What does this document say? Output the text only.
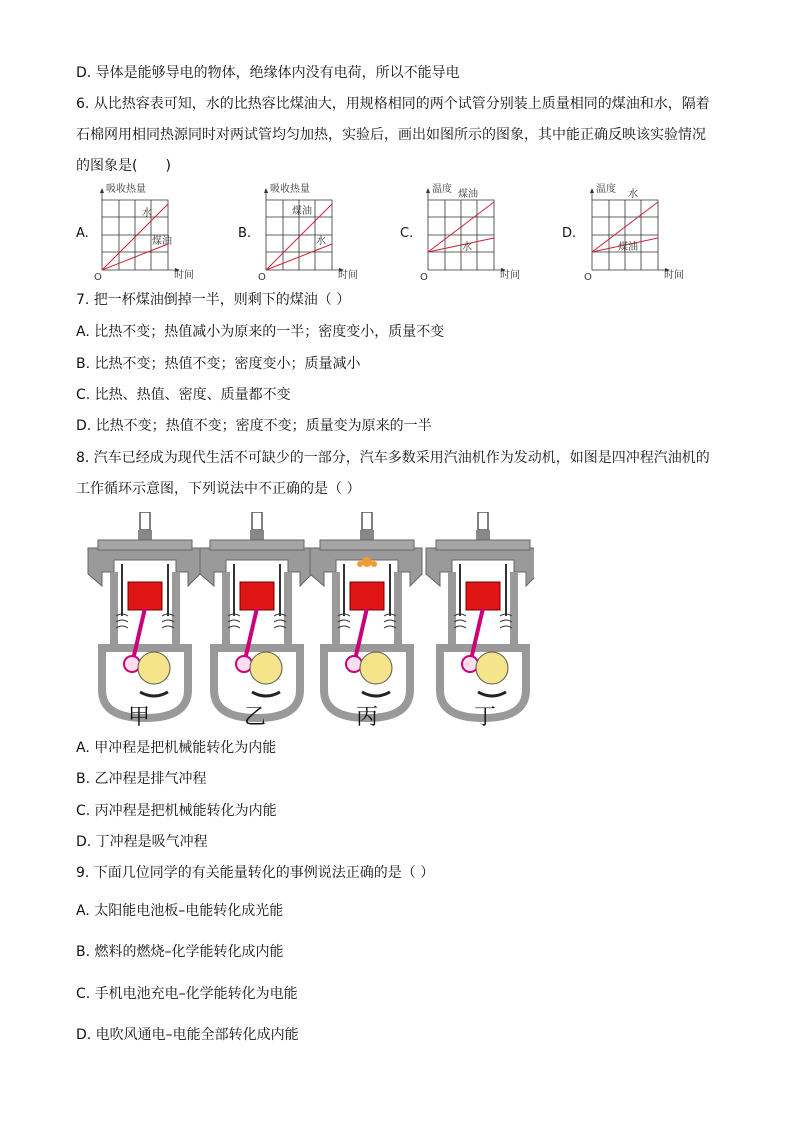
D. 导体是能够导电的物体，绝缘体内没有电荷，所以不能导电
6. 从比热容表可知，水的比热容比煤油大，用规格相同的两个试管分别装上质量相同的煤油和水，隔着
石棉网用相同热源同时对两试管均匀加热，实验后，画出如图所示的图象，其中能正确反映该实验情况
的图象是(　　)
A.
吸收热量
时间
O
水
煤油
B.
吸收热量
时间
O
煤油
水
C.
温度
时间
O
煤油
水
D.
温度
时间
O
水
煤油
7. 把一杯煤油倒掉一半，则剩下的煤油（ ）
A. 比热不变；热值减小为原来的一半；密度变小，质量不变
B. 比热不变；热值不变；密度变小；质量减小
C. 比热、热值、密度、质量都不变
D. 比热不变；热值不变；密度不变；质量变为原来的一半
8. 汽车已经成为现代生活不可缺少的一部分，汽车多数采用汽油机作为发动机，如图是四冲程汽油机的
工作循环示意图，下列说法中不正确的是（ ）
甲	乙	丙	丁
A. 甲冲程是把机械能转化为内能
B. 乙冲程是排气冲程
C. 丙冲程是把机械能转化为内能
D. 丁冲程是吸气冲程
9. 下面几位同学的有关能量转化的事例说法正确的是（ ）
A. 太阳能电池板–电能转化成光能
B. 燃料的燃烧–化学能转化成内能
C. 手机电池充电–化学能转化为电能
D. 电吹风通电–电能全部转化成内能
